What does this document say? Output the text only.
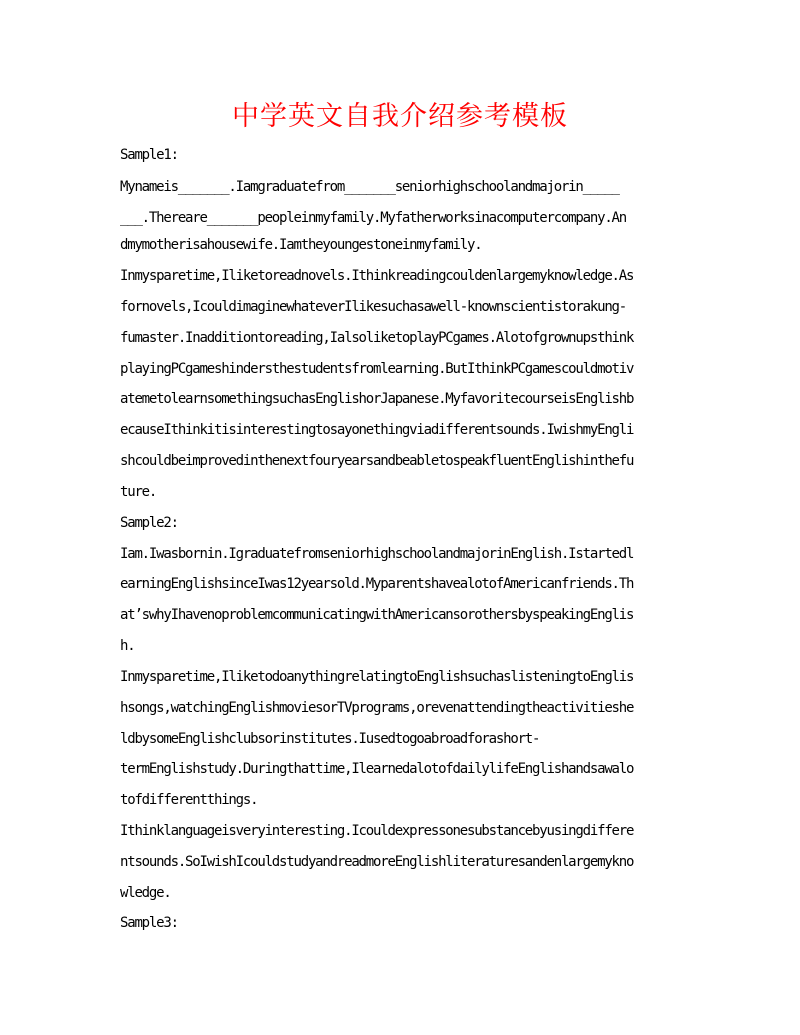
中学英文自我介绍参考模板
Sample1:
Mynameis_______.Iamgraduatefrom_______seniorhighschoolandmajorin_____
___.Thereare_______peopleinmyfamily.Myfatherworksinacomputercompany.An
dmymotherisahousewife.Iamtheyoungestoneinmyfamily.
Inmysparetime,Iliketoreadnovels.Ithinkreadingcouldenlargemyknowledge.As
fornovels,IcouldimaginewhateverIlikesuchasawell-knownscientistorakung-
fumaster.Inadditiontoreading,IalsoliketoplayPCgames.Alotofgrownupsthink
playingPCgameshindersthestudentsfromlearning.ButIthinkPCgamescouldmotiv
atemetolearnsomethingsuchasEnglishorJapanese.MyfavoritecourseisEnglishb
ecauseIthinkitisinterestingtosayonethingviadifferentsounds.IwishmyEngli
shcouldbeimprovedinthenextfouryearsandbeabletospeakfluentEnglishinthefu
ture.
Sample2:
Iam.Iwasbornin.IgraduatefromseniorhighschoolandmajorinEnglish.Istartedl
earningEnglishsinceIwas12yearsold.MyparentshavealotofAmericanfriends.Th
at’swhyIhavenoproblemcommunicatingwithAmericansorothersbyspeakingEnglis
h.
Inmysparetime,IliketodoanythingrelatingtoEnglishsuchaslisteningtoEnglis
hsongs,watchingEnglishmoviesorTVprograms,orevenattendingtheactivitieshe
ldbysomeEnglishclubsorinstitutes.Iusedtogoabroadforashort-
termEnglishstudy.Duringthattime,IlearnedalotofdailylifeEnglishandsawalo
tofdifferentthings.
Ithinklanguageisveryinteresting.Icouldexpressonesubstancebyusingdiffere
ntsounds.SoIwishIcouldstudyandreadmoreEnglishliteraturesandenlargemykno
wledge.
Sample3:
